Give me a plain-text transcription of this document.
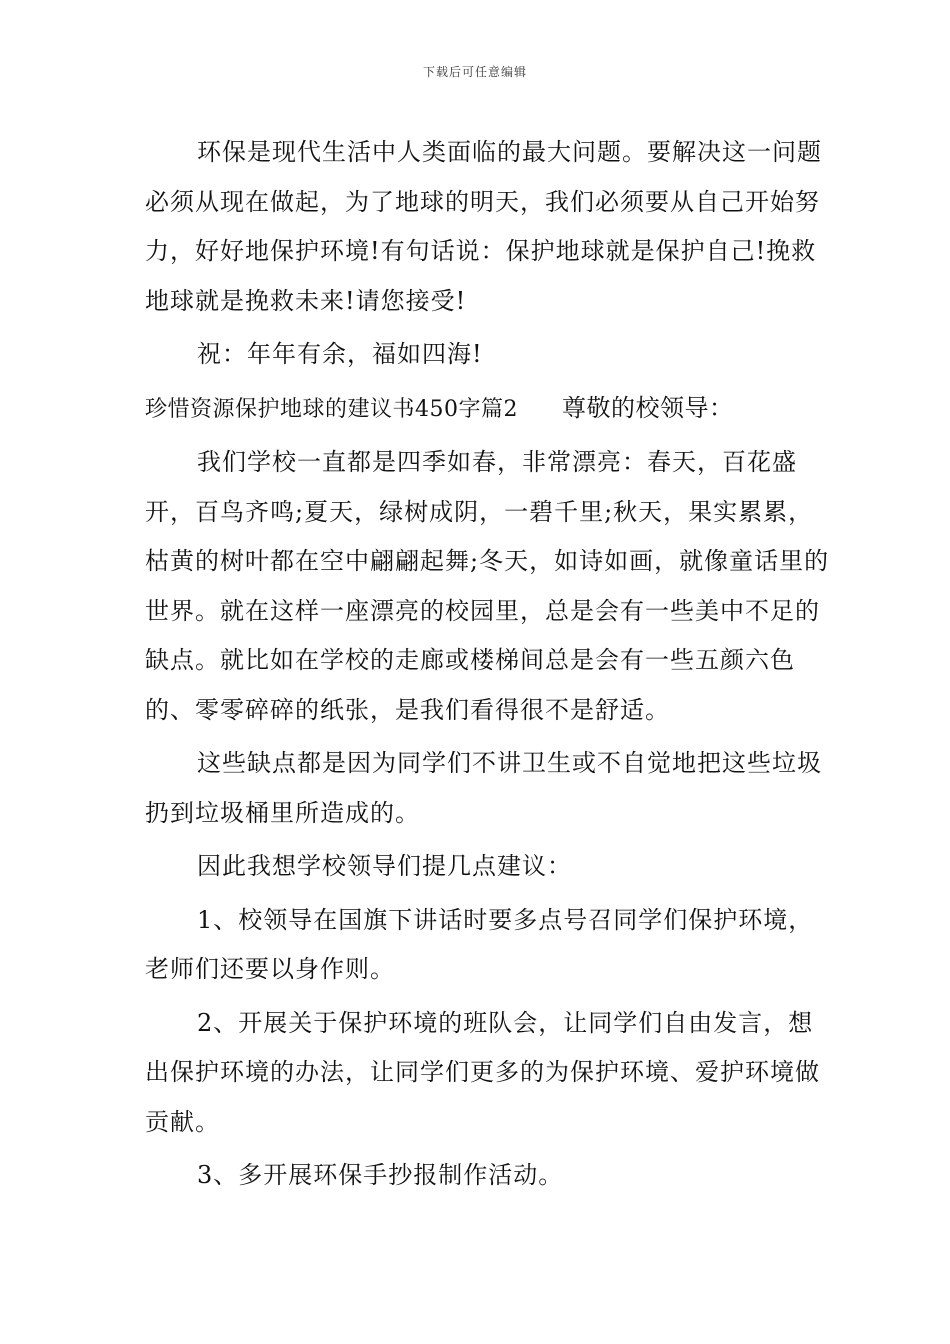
下载后可任意编辑

环保是现代生活中人类面临的最大问题。要解决这一问题必须从现在做起，为了地球的明天，我们必须要从自己开始努力，好好地保护环境!有句话说：保护地球就是保护自己!挽救地球就是挽救未来!请您接受!

祝：年年有余，福如四海!

珍惜资源保护地球的建议书450字篇2 尊敬的校领导：

我们学校一直都是四季如春，非常漂亮：春天，百花盛开，百鸟齐鸣;夏天，绿树成阴，一碧千里;秋天，果实累累，枯黄的树叶都在空中翩翩起舞;冬天，如诗如画，就像童话里的世界。就在这样一座漂亮的校园里，总是会有一些美中不足的缺点。就比如在学校的走廊或楼梯间总是会有一些五颜六色的、零零碎碎的纸张，是我们看得很不是舒适。

这些缺点都是因为同学们不讲卫生或不自觉地把这些垃圾扔到垃圾桶里所造成的。

因此我想学校领导们提几点建议：

1、校领导在国旗下讲话时要多点号召同学们保护环境，老师们还要以身作则。

2、开展关于保护环境的班队会，让同学们自由发言，想出保护环境的办法，让同学们更多的为保护环境、爱护环境做贡献。

3、多开展环保手抄报制作活动。
